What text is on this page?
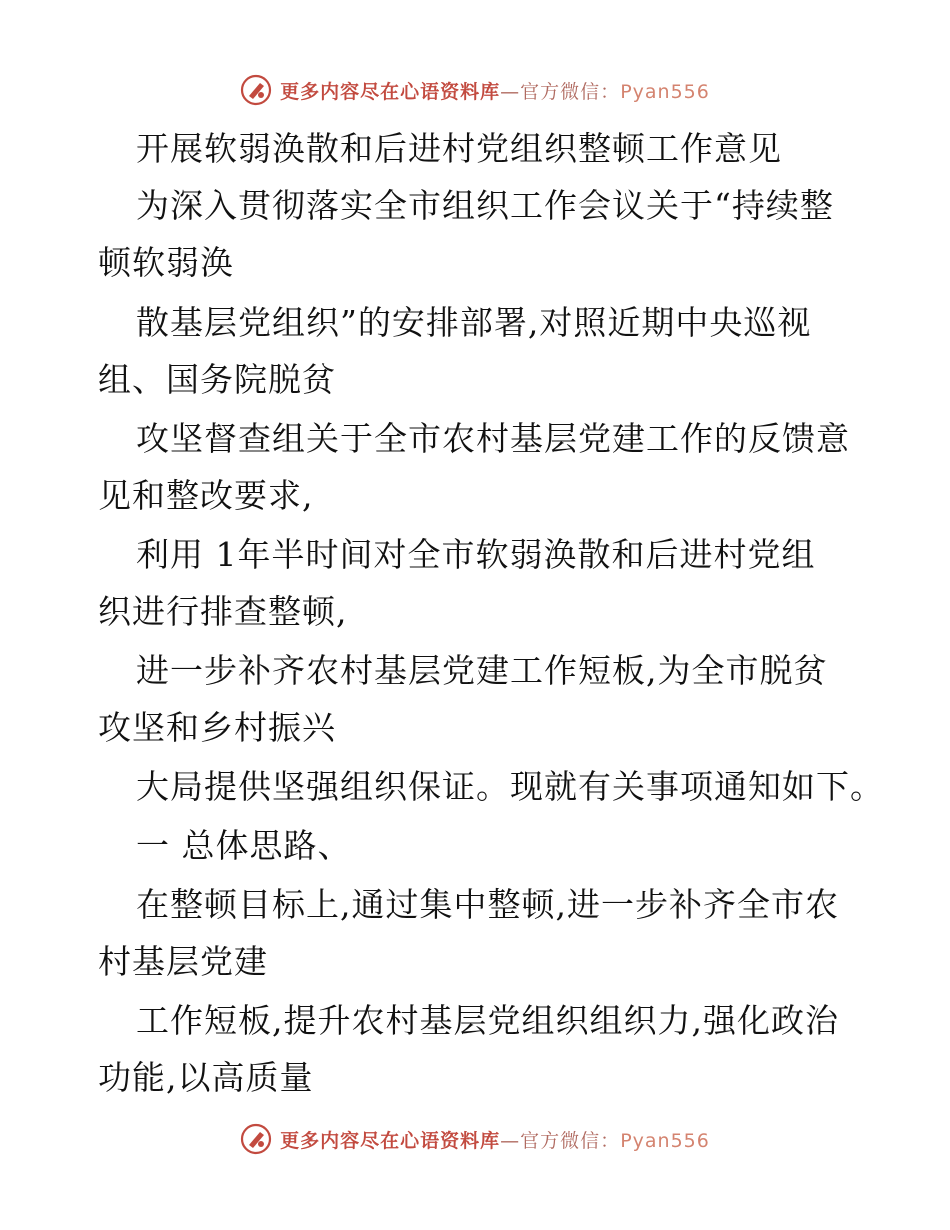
更多内容尽在心语资料库—官方微信：Pyan556
开展软弱涣散和后进村党组织整顿工作意见
为深入贯彻落实全市组织工作会议关于“持续整
顿软弱涣
散基层党组织”的安排部署,对照近期中央巡视
组、国务院脱贫
攻坚督查组关于全市农村基层党建工作的反馈意
见和整改要求,
利用 1年半时间对全市软弱涣散和后进村党组
织进行排查整顿,
进一步补齐农村基层党建工作短板,为全市脱贫
攻坚和乡村振兴
大局提供坚强组织保证。现就有关事项通知如下。
一 总体思路、
在整顿目标上,通过集中整顿,进一步补齐全市农
村基层党建
工作短板,提升农村基层党组织组织力,强化政治
功能,以高质量
更多内容尽在心语资料库—官方微信：Pyan556
